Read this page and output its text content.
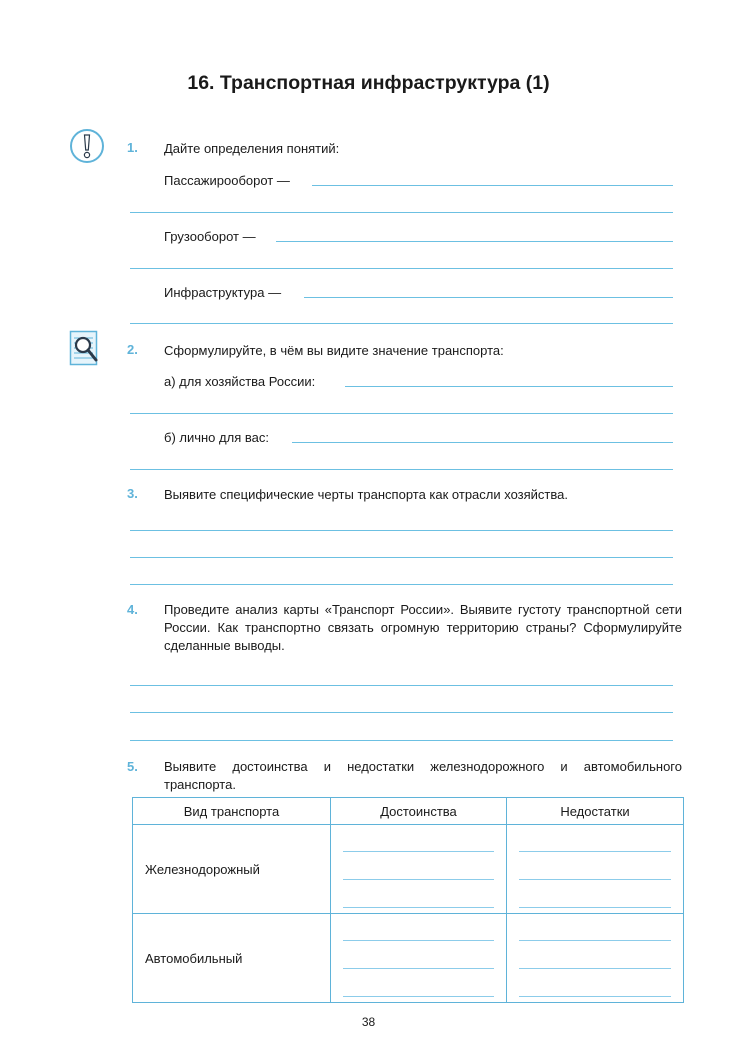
16. Транспортная инфраструктура (1)
1.	Дайте определения понятий:
Пассажирооборот —
Грузооборот —
Инфраструктура —
2.	Сформулируйте, в чём вы видите значение транспорта:
а) для хозяйства России:
б) лично для вас:
3.	Выявите специфические черты транспорта как отрасли хозяйства.
4.	Проведите анализ карты «Транспорт России». Выявите густоту транспортной сети России. Как транспортно связать огромную территорию страны? Сформулируйте сделанные выводы.
5.	Выявите достоинства и недостатки железнодорожного и автомобильного транспорта.
Вид транспорта	Достоинства	Недостатки
Железнодорожный	

Автомобильный	

38
